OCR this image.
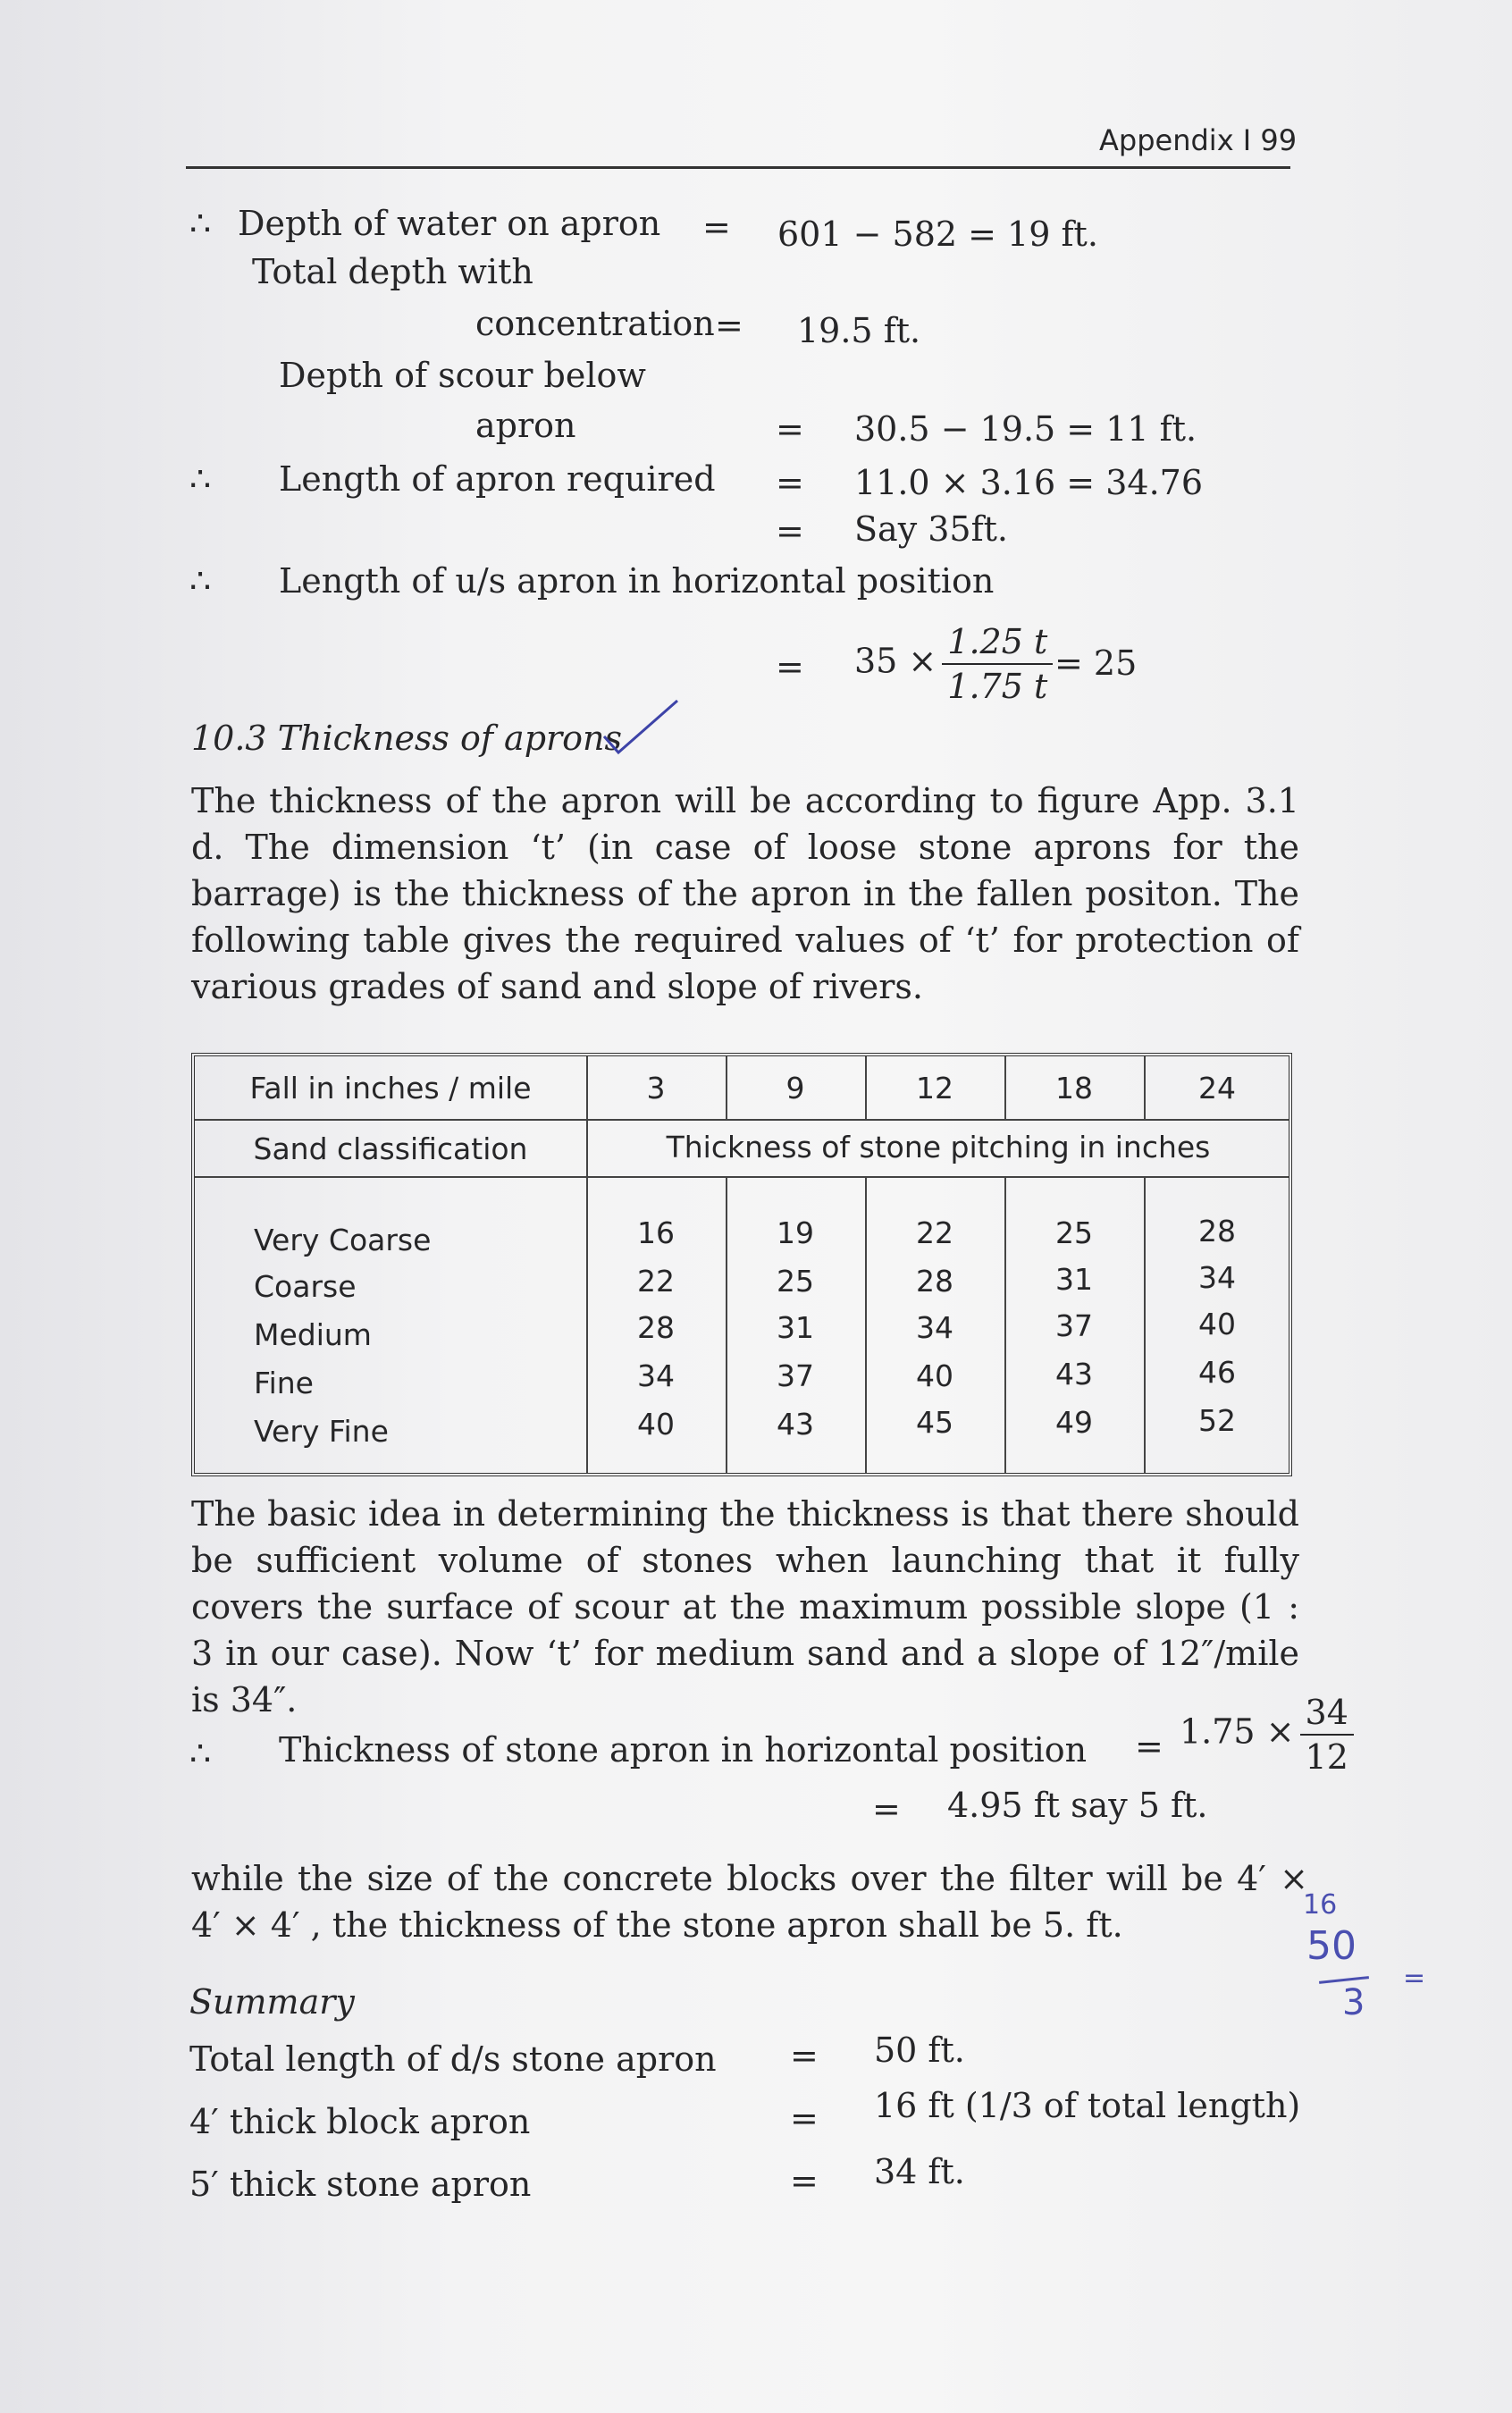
Appendix I 99
∴ Depth of water on apron = 601 − 582 = 19 ft.
Total depth with
concentration = 19.5 ft.
Depth of scour below
apron	= 30.5 − 19.5 = 11 ft.
∴ Length of apron required = 11.0 × 3.16 = 34.76
= Say 35ft.
∴ Length of u/s apron in horizontal position
= $35 \times \frac{1.25 t}{1.75 t} = 25$
10.3 Thickness of aprons
The thickness of the apron will be according to figure App. 3.1 d. The dimension ‘t’ (in case of loose stone aprons for the barrage) is the thickness of the apron in the fallen positon. The following table gives the required values of ‘t’ for protection of various grades of sand and slope of rivers.
Fall in inches / mile	3	9	12	18	24
Sand classification	Thickness of stone pitching in inches
Very Coarse	16	19	22	25	28
Coarse	22	25	28	31	34
Medium	28	31	34	37	40
Fine	34	37	40	43	46
Very Fine	40	43	45	49	52
The basic idea in determining the thickness is that there should be sufficient volume of stones when launching that it fully covers the surface of scour at the maximum possible slope (1 : 3 in our case). Now ‘t’ for medium sand and a slope of 12″/mile is 34″.
∴ Thickness of stone apron in horizontal position = $1.75 \times \frac{34}{12}$
= 4.95 ft say 5 ft.
while the size of the concrete blocks over the filter will be 4′ × 4′ × 4′ , the thickness of the stone apron shall be 5. ft.
Summary
Total length of d/s stone apron = 50 ft.
4′ thick block apron	= 16 ft (1/3 of total length)
5′ thick stone apron	= 34 ft.
16
50
3
=
